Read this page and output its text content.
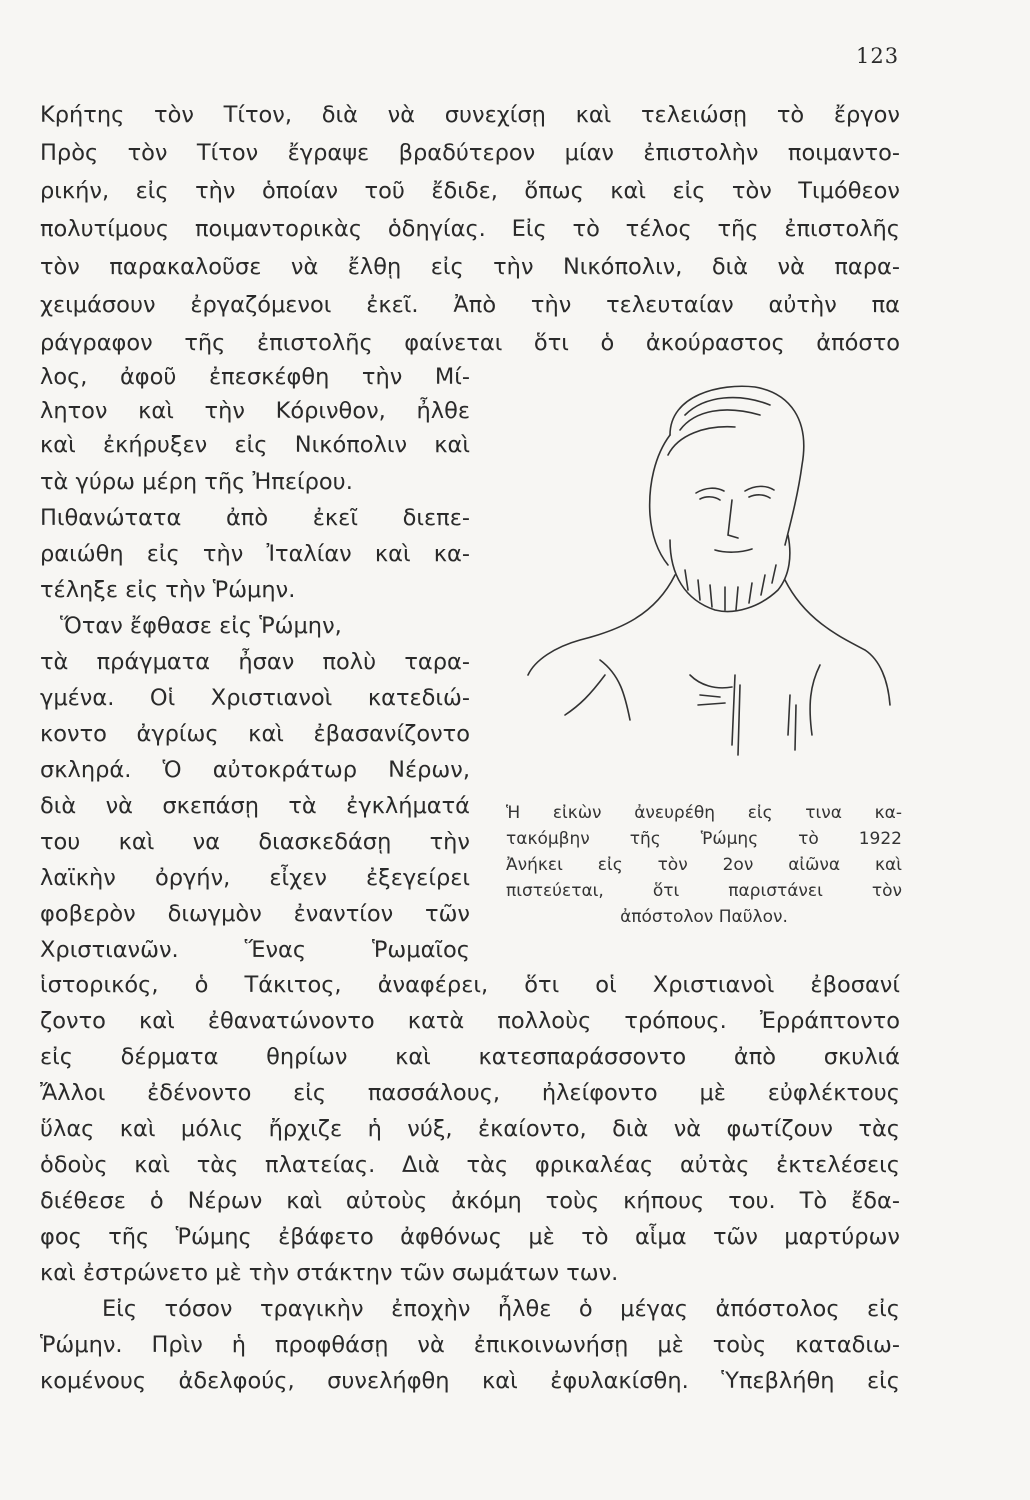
123
Κρήτης τὸν Τίτον, διὰ νὰ συνεχίσῃ καὶ τελειώσῃ τὸ ἔργον
Πρὸς τὸν Τίτον ἔγραψε βραδύτερον μίαν ἐπιστολὴν ποιμαντο-
ρικήν, εἰς τὴν ὁποίαν τοῦ ἔδιδε, ὅπως καὶ εἰς τὸν Τιμόθεον
πολυτίμους ποιμαντορικὰς ὁδηγίας. Εἰς τὸ τέλος τῆς ἐπιστολῆς
τὸν παρακαλοῦσε νὰ ἔλθῃ εἰς τὴν Νικόπολιν, διὰ νὰ παρα-
χειμάσουν ἐργαζόμενοι ἐκεῖ. Ἀπὸ τὴν τελευταίαν αὐτὴν πα
ράγραφον τῆς ἐπιστολῆς φαίνεται ὅτι ὁ ἀκούραστος ἀπόστο
λος, ἀφοῦ ἐπεσκέφθη τὴν Μί-
λητον καὶ τὴν Κόρινθον, ἦλθε
καὶ ἐκήρυξεν εἰς Νικόπολιν καὶ
τὰ γύρω μέρη τῆς Ἠπείρου.
Πιθανώτατα ἀπὸ ἐκεῖ διεπε-
ραιώθη εἰς τὴν Ἰταλίαν καὶ κα-
τέληξε εἰς τὴν Ῥώμην.
Ὅταν ἔφθασε εἰς Ῥώμην,
τὰ πράγματα ἦσαν πολὺ ταρα-
γμένα. Οἱ Χριστιανοὶ κατεδιώ-
κοντο ἀγρίως καὶ ἐβασανίζοντο
σκληρά. Ὁ αὐτοκράτωρ Νέρων,
διὰ νὰ σκεπάσῃ τὰ ἐγκλήματά
του καὶ να διασκεδάσῃ τὴν
λαϊκὴν ὀργήν, εἶχεν ἐξεγείρει
φοβερὸν διωγμὸν ἐναντίον τῶν
Χριστιανῶν. Ἕνας Ῥωμαῖος
Ἡ εἰκὼν ἀνευρέθη εἰς τινα κα-
τακόμβην τῆς Ῥώμης τὸ 1922
Ἀνήκει εἰς τὸν 2ον αἰῶνα καὶ
πιστεύεται, ὅτι παριστάνει τὸν
ἀπόστολον Παῦλον.
ἱστορικός, ὁ Τάκιτος, ἀναφέρει, ὅτι οἱ Χριστιανοὶ ἐβοσανί
ζοντο καὶ ἐθανατώνοντο κατὰ πολλοὺς τρόπους. Ἐρράπτοντο
εἰς δέρματα θηρίων καὶ κατεσπαράσσοντο ἀπὸ σκυλιά
Ἄλλοι ἐδένοντο εἰς πασσάλους, ἠλείφοντο μὲ εὐφλέκτους
ὕλας καὶ μόλις ἤρχιζε ἡ νύξ, ἐκαίοντο, διὰ νὰ φωτίζουν τὰς
ὁδοὺς καὶ τὰς πλατείας. Διὰ τὰς φρικαλέας αὐτὰς ἐκτελέσεις
διέθεσε ὁ Νέρων καὶ αὐτοὺς ἀκόμη τοὺς κήπους του. Τὸ ἔδα-
φος τῆς Ῥώμης ἐβάφετο ἀφθόνως μὲ τὸ αἷμα τῶν μαρτύρων
καὶ ἐστρώνετο μὲ τὴν στάκτην τῶν σωμάτων των.
Εἰς τόσον τραγικὴν ἐποχὴν ἦλθε ὁ μέγας ἀπόστολος εἰς
Ῥώμην. Πρὶν ἡ προφθάσῃ νὰ ἐπικοινωνήσῃ μὲ τοὺς καταδιω-
κομένους ἀδελφούς, συνελήφθη καὶ ἐφυλακίσθη. Ὑπεβλήθη εἰς
